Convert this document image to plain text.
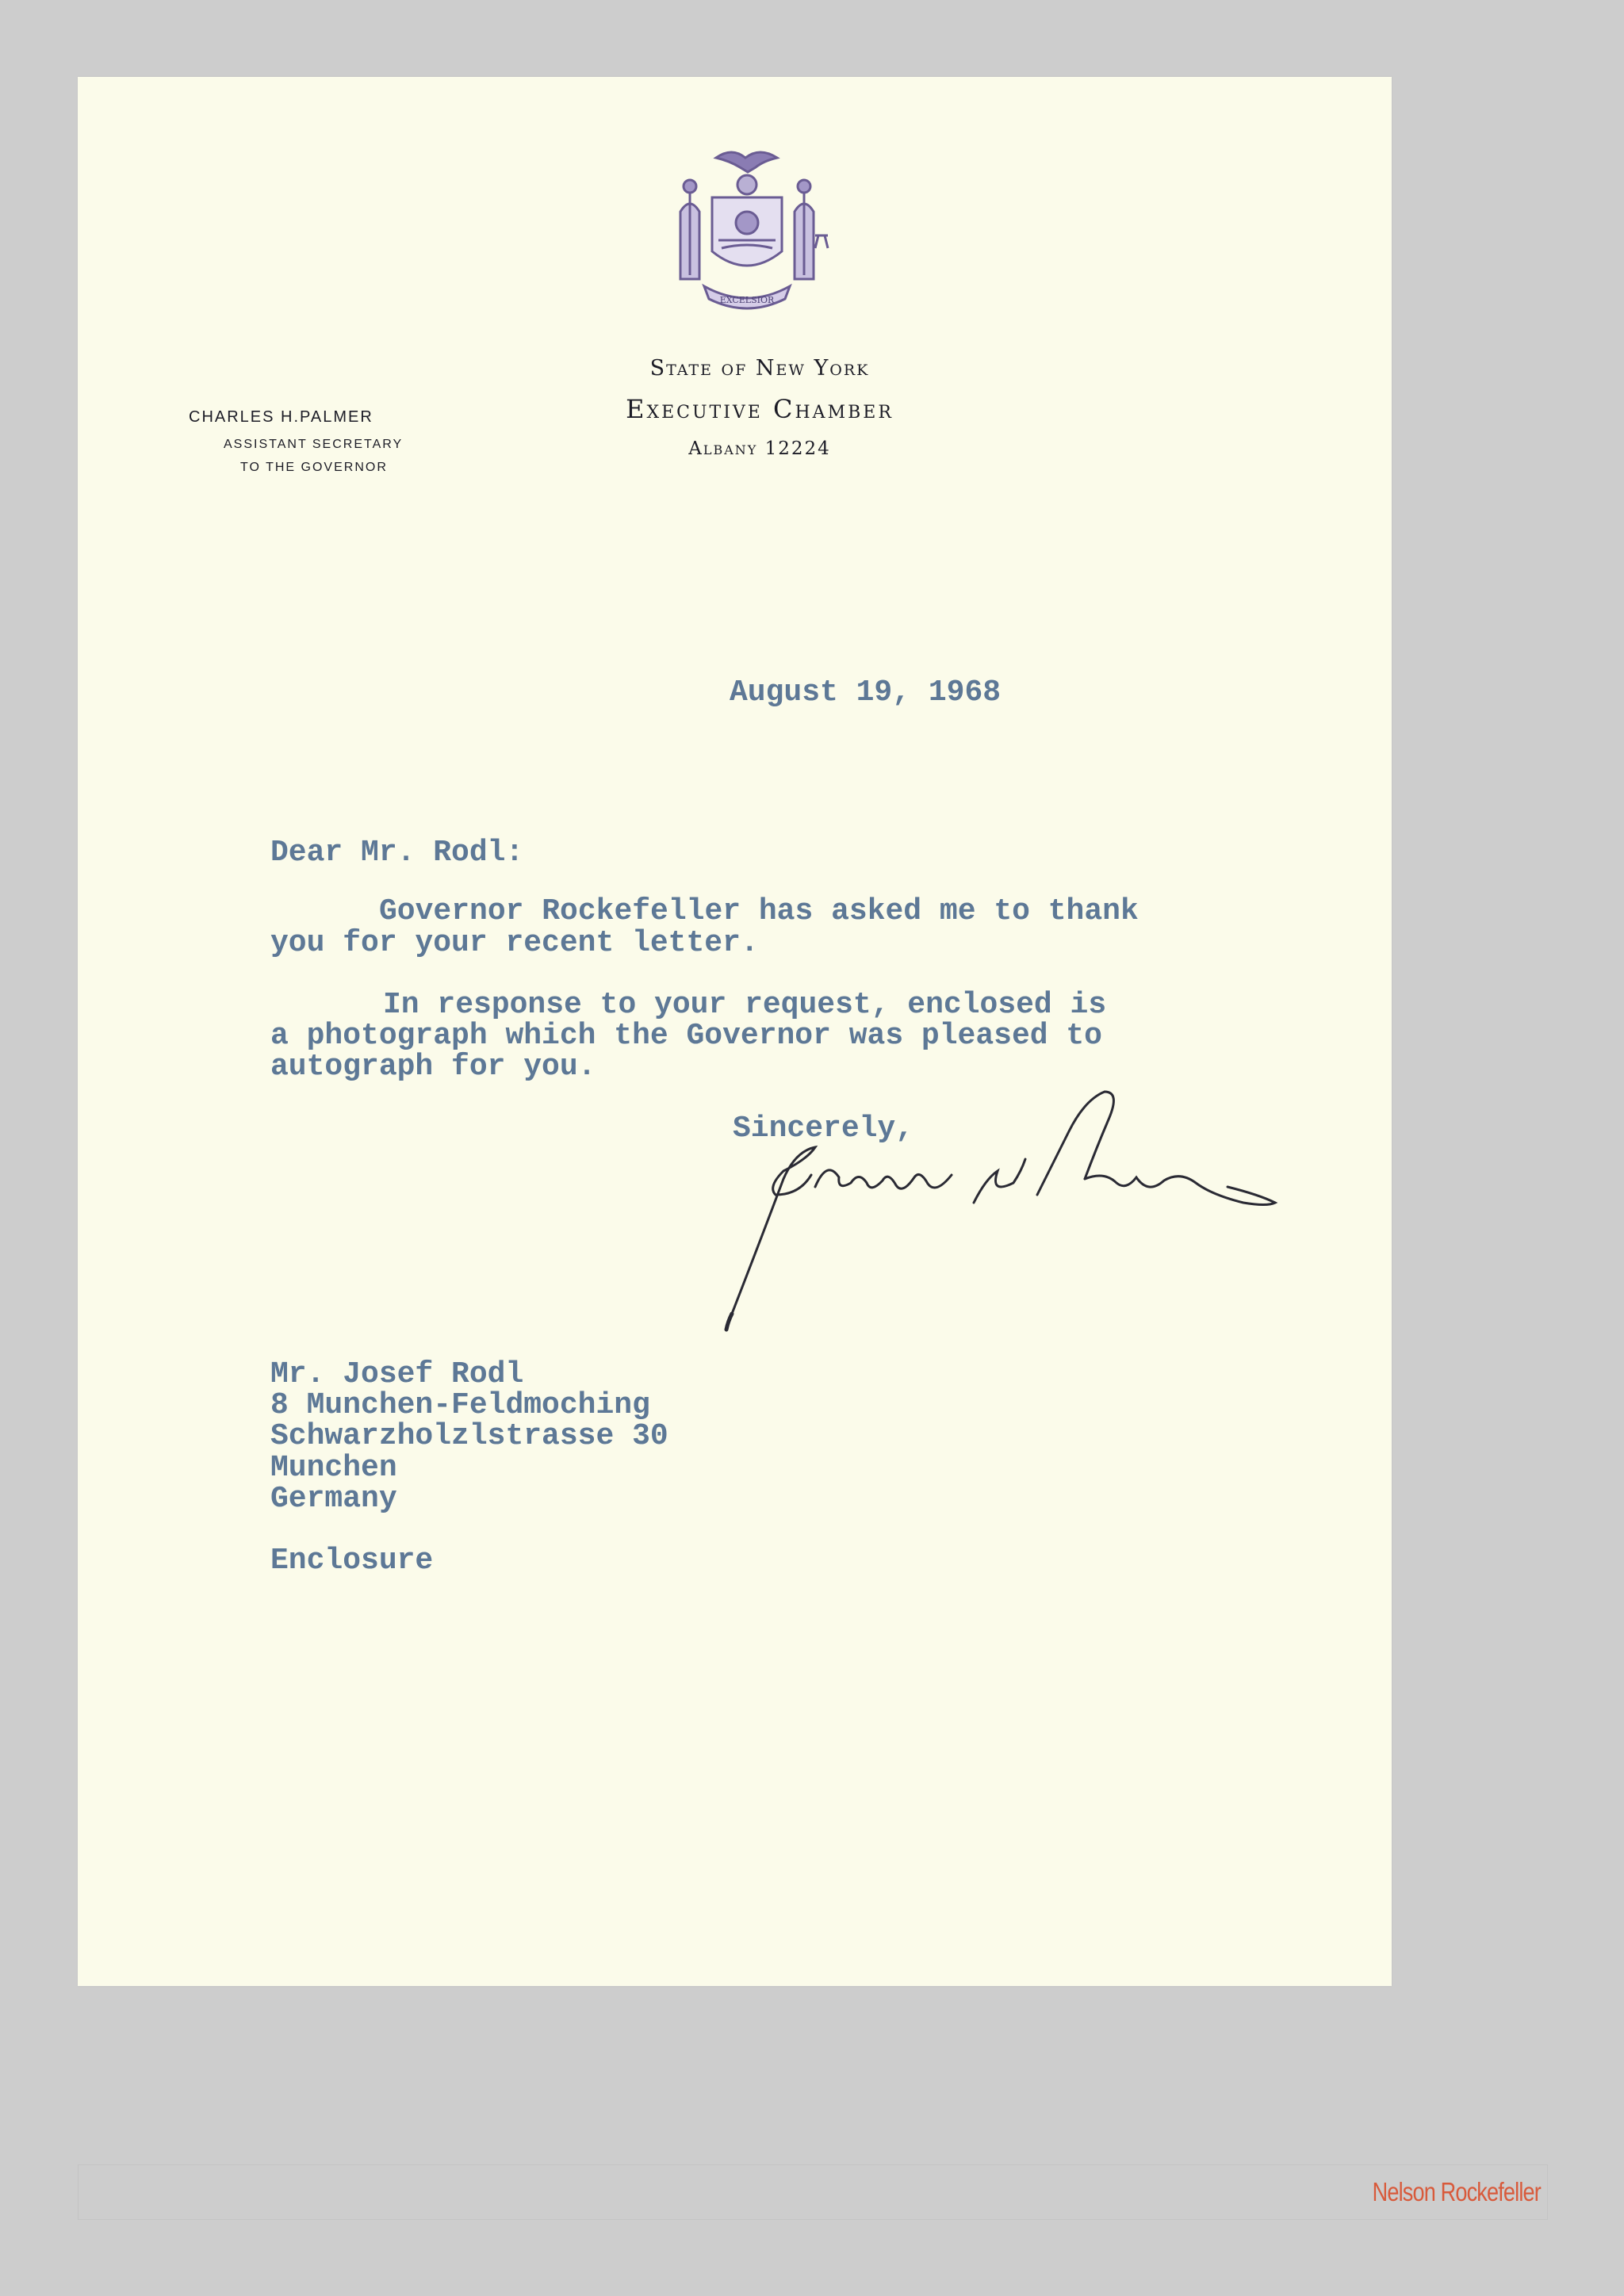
EXCELSIOR
State of New York
Executive Chamber
Albany 12224
CHARLES H.PALMER
ASSISTANT SECRETARY
TO THE GOVERNOR
August 19, 1968
Dear Mr. Rodl:
Governor Rockefeller has asked me to thank
you for your recent letter.
In response to your request, enclosed is
a photograph which the Governor was pleased to
autograph for you.
Sincerely,
Mr. Josef Rodl
8 Munchen-Feldmoching
Schwarzholzlstrasse 30
Munchen
Germany
Enclosure
Nelson Rockefeller
